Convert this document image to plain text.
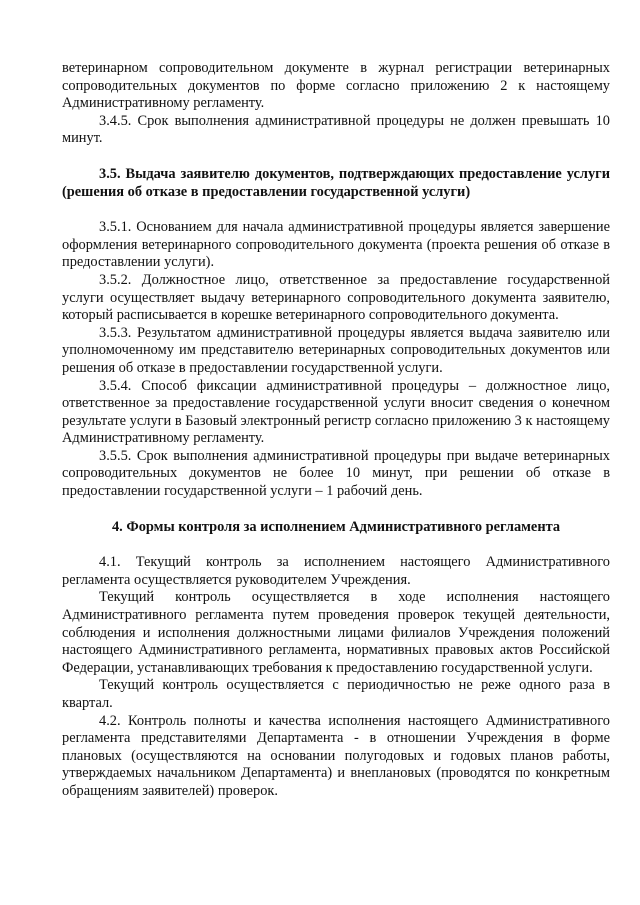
ветеринарном сопроводительном документе в журнал регистрации ветеринарных сопроводительных документов по форме согласно приложению 2 к настоящему Административному регламенту.

3.4.5. Срок выполнения административной процедуры не должен превышать 10 минут.

3.5. Выдача заявителю документов, подтверждающих предоставление услуги (решения об отказе в предоставлении государственной услуги)

3.5.1. Основанием для начала административной процедуры является завершение оформления ветеринарного сопроводительного документа (проекта решения об отказе в предоставлении услуги).

3.5.2. Должностное лицо, ответственное за предоставление государственной услуги осуществляет выдачу ветеринарного сопроводительного документа заявителю, который расписывается в корешке ветеринарного сопроводительного документа.

3.5.3. Результатом административной процедуры является выдача заявителю или уполномоченному им представителю ветеринарных сопроводительных документов или решения об отказе в предоставлении государственной услуги.

3.5.4. Способ фиксации административной процедуры – должностное лицо, ответственное за предоставление государственной услуги вносит сведения о конечном результате услуги в Базовый электронный регистр согласно приложению 3 к настоящему Административному регламенту.

3.5.5. Срок выполнения административной процедуры при выдаче ветеринарных сопроводительных документов не более 10 минут, при решении об отказе в предоставлении государственной услуги – 1 рабочий день.

4. Формы контроля за исполнением Административного регламента

4.1. Текущий контроль за исполнением настоящего Административного регламента осуществляется руководителем Учреждения.

Текущий контроль осуществляется в ходе исполнения настоящего Административного регламента путем проведения проверок текущей деятельности, соблюдения и исполнения должностными лицами филиалов Учреждения положений настоящего Административного регламента, нормативных правовых актов Российской Федерации, устанавливающих требования к предоставлению государственной услуги.

Текущий контроль осуществляется с периодичностью не реже одного раза в квартал.

4.2. Контроль полноты и качества исполнения настоящего Административного регламента представителями Департамента - в отношении Учреждения в форме плановых (осуществляются на основании полугодовых и годовых планов работы, утверждаемых начальником Департамента) и внеплановых (проводятся по конкретным обращениям заявителей) проверок.
